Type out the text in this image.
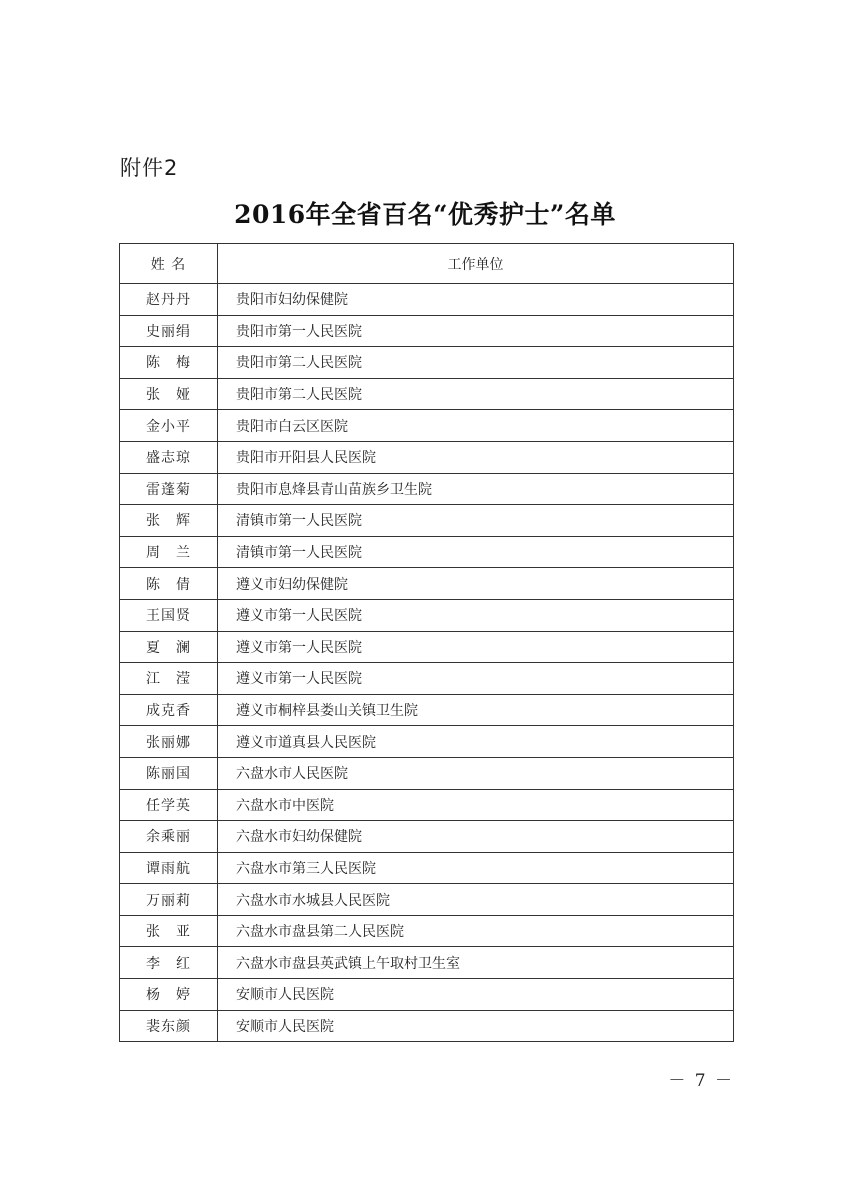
附件2
2016年全省百名“优秀护士”名单
姓 名	工作单位
赵丹丹	贵阳市妇幼保健院
史丽绢	贵阳市第一人民医院
陈　梅	贵阳市第二人民医院
张　娅	贵阳市第二人民医院
金小平	贵阳市白云区医院
盛志琼	贵阳市开阳县人民医院
雷蓬菊	贵阳市息烽县青山苗族乡卫生院
张　辉	清镇市第一人民医院
周　兰	清镇市第一人民医院
陈　倩	遵义市妇幼保健院
王国贤	遵义市第一人民医院
夏　澜	遵义市第一人民医院
江　滢	遵义市第一人民医院
成克香	遵义市桐梓县娄山关镇卫生院
张丽娜	遵义市道真县人民医院
陈丽国	六盘水市人民医院
任学英	六盘水市中医院
余乘丽	六盘水市妇幼保健院
谭雨航	六盘水市第三人民医院
万丽莉	六盘水市水城县人民医院
张　亚	六盘水市盘县第二人民医院
李　红	六盘水市盘县英武镇上午取村卫生室
杨　婷	安顺市人民医院
裴东颜	安顺市人民医院
－ 7 －
